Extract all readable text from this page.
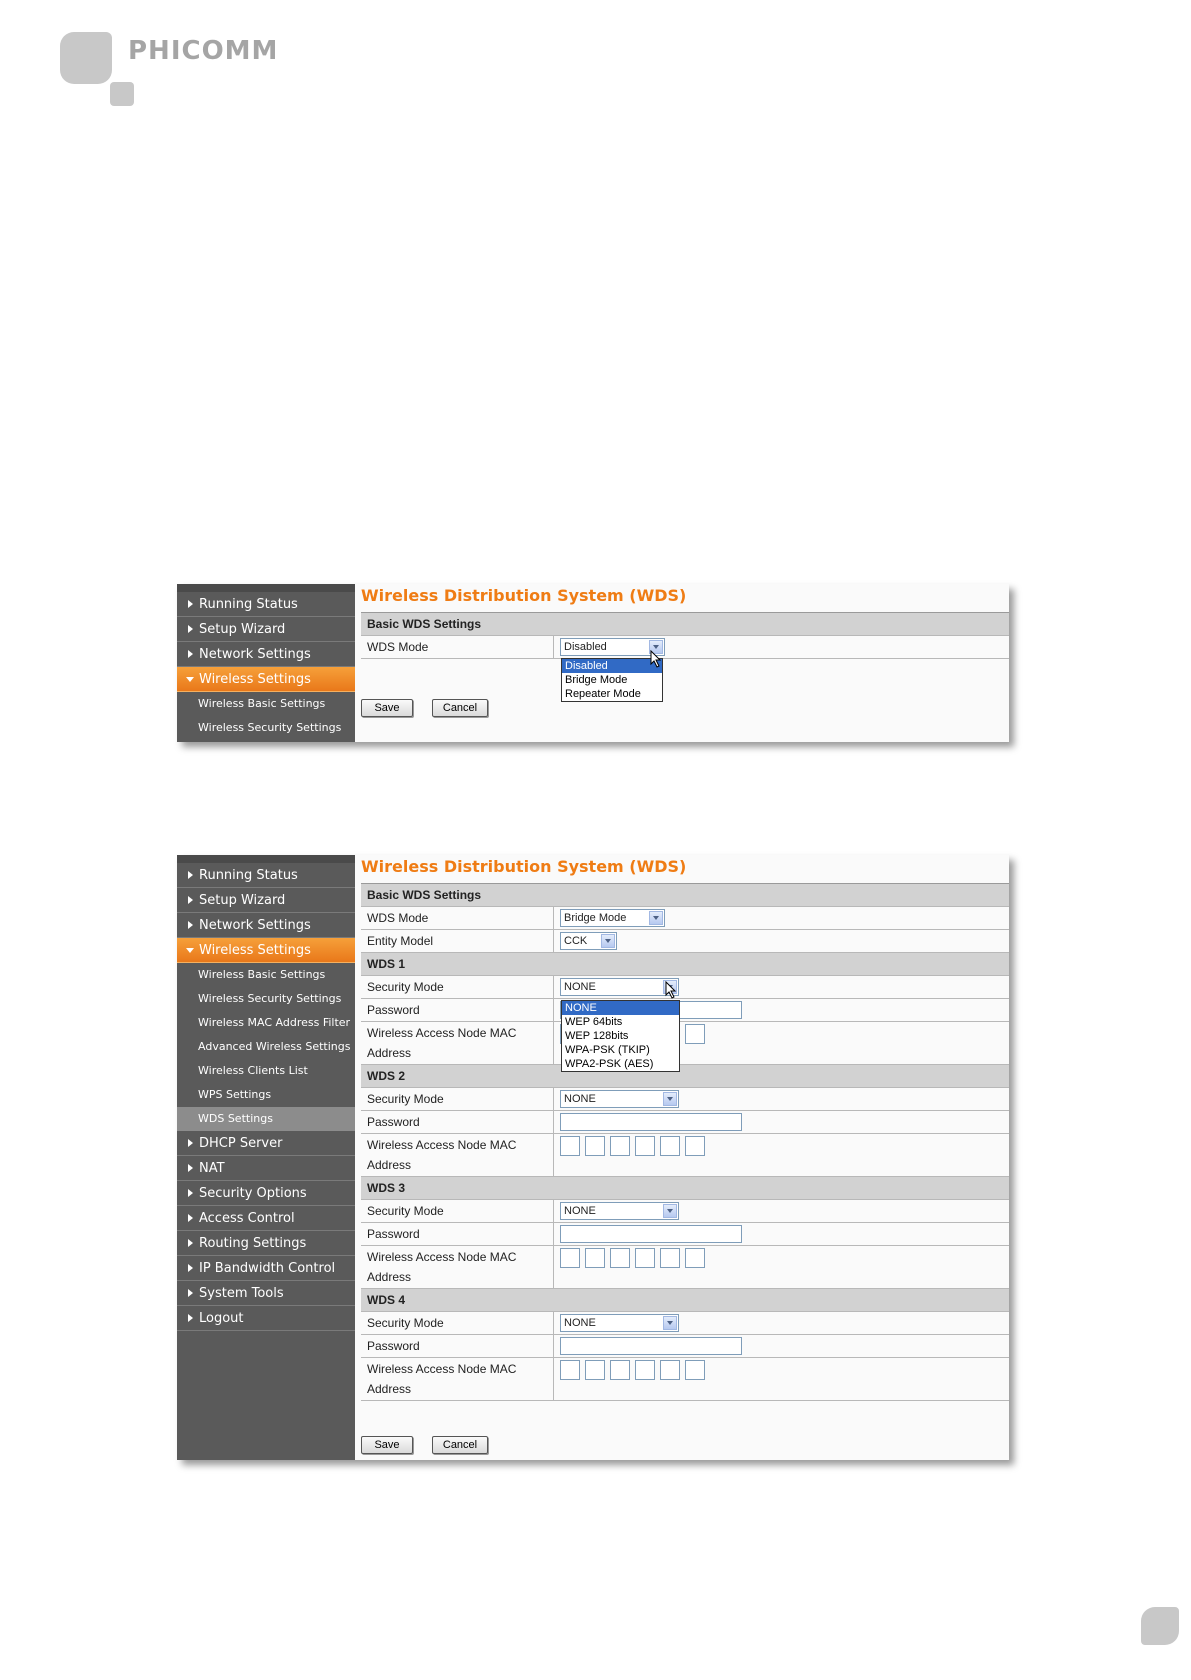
PHICOMM
Running Status
Setup Wizard
Network Settings
Wireless Settings
Wireless Basic Settings
Wireless Security Settings
Wireless Distribution System (WDS)
Basic WDS Settings
WDS Mode	Disabled
Disabled
Bridge Mode
Repeater Mode
Save	Cancel
Running Status
Setup Wizard
Network Settings
Wireless Settings
Wireless Basic Settings
Wireless Security Settings
Wireless MAC Address Filter
Advanced Wireless Settings
Wireless Clients List
WPS Settings
WDS Settings
DHCP Server
NAT
Security Options
Access Control
Routing Settings
IP Bandwidth Control
System Tools
Logout
Wireless Distribution System (WDS)
Basic WDS Settings	
WDS Mode	Bridge Mode

Entity Model	CCK

WDS 1	
Security Mode	NONE

Password	

Wireless Access Node MAC
Address	

WDS 2	
Security Mode	NONE

Password	

Wireless Access Node MAC
Address	

WDS 3	
Security Mode	NONE

Password	

Wireless Access Node MAC
Address	

WDS 4	
Security Mode	NONE

Password	

Wireless Access Node MAC
Address	

NONE
WEP 64bits
WEP 128bits
WPA-PSK (TKIP)
WPA2-PSK (AES)
Save	Cancel
